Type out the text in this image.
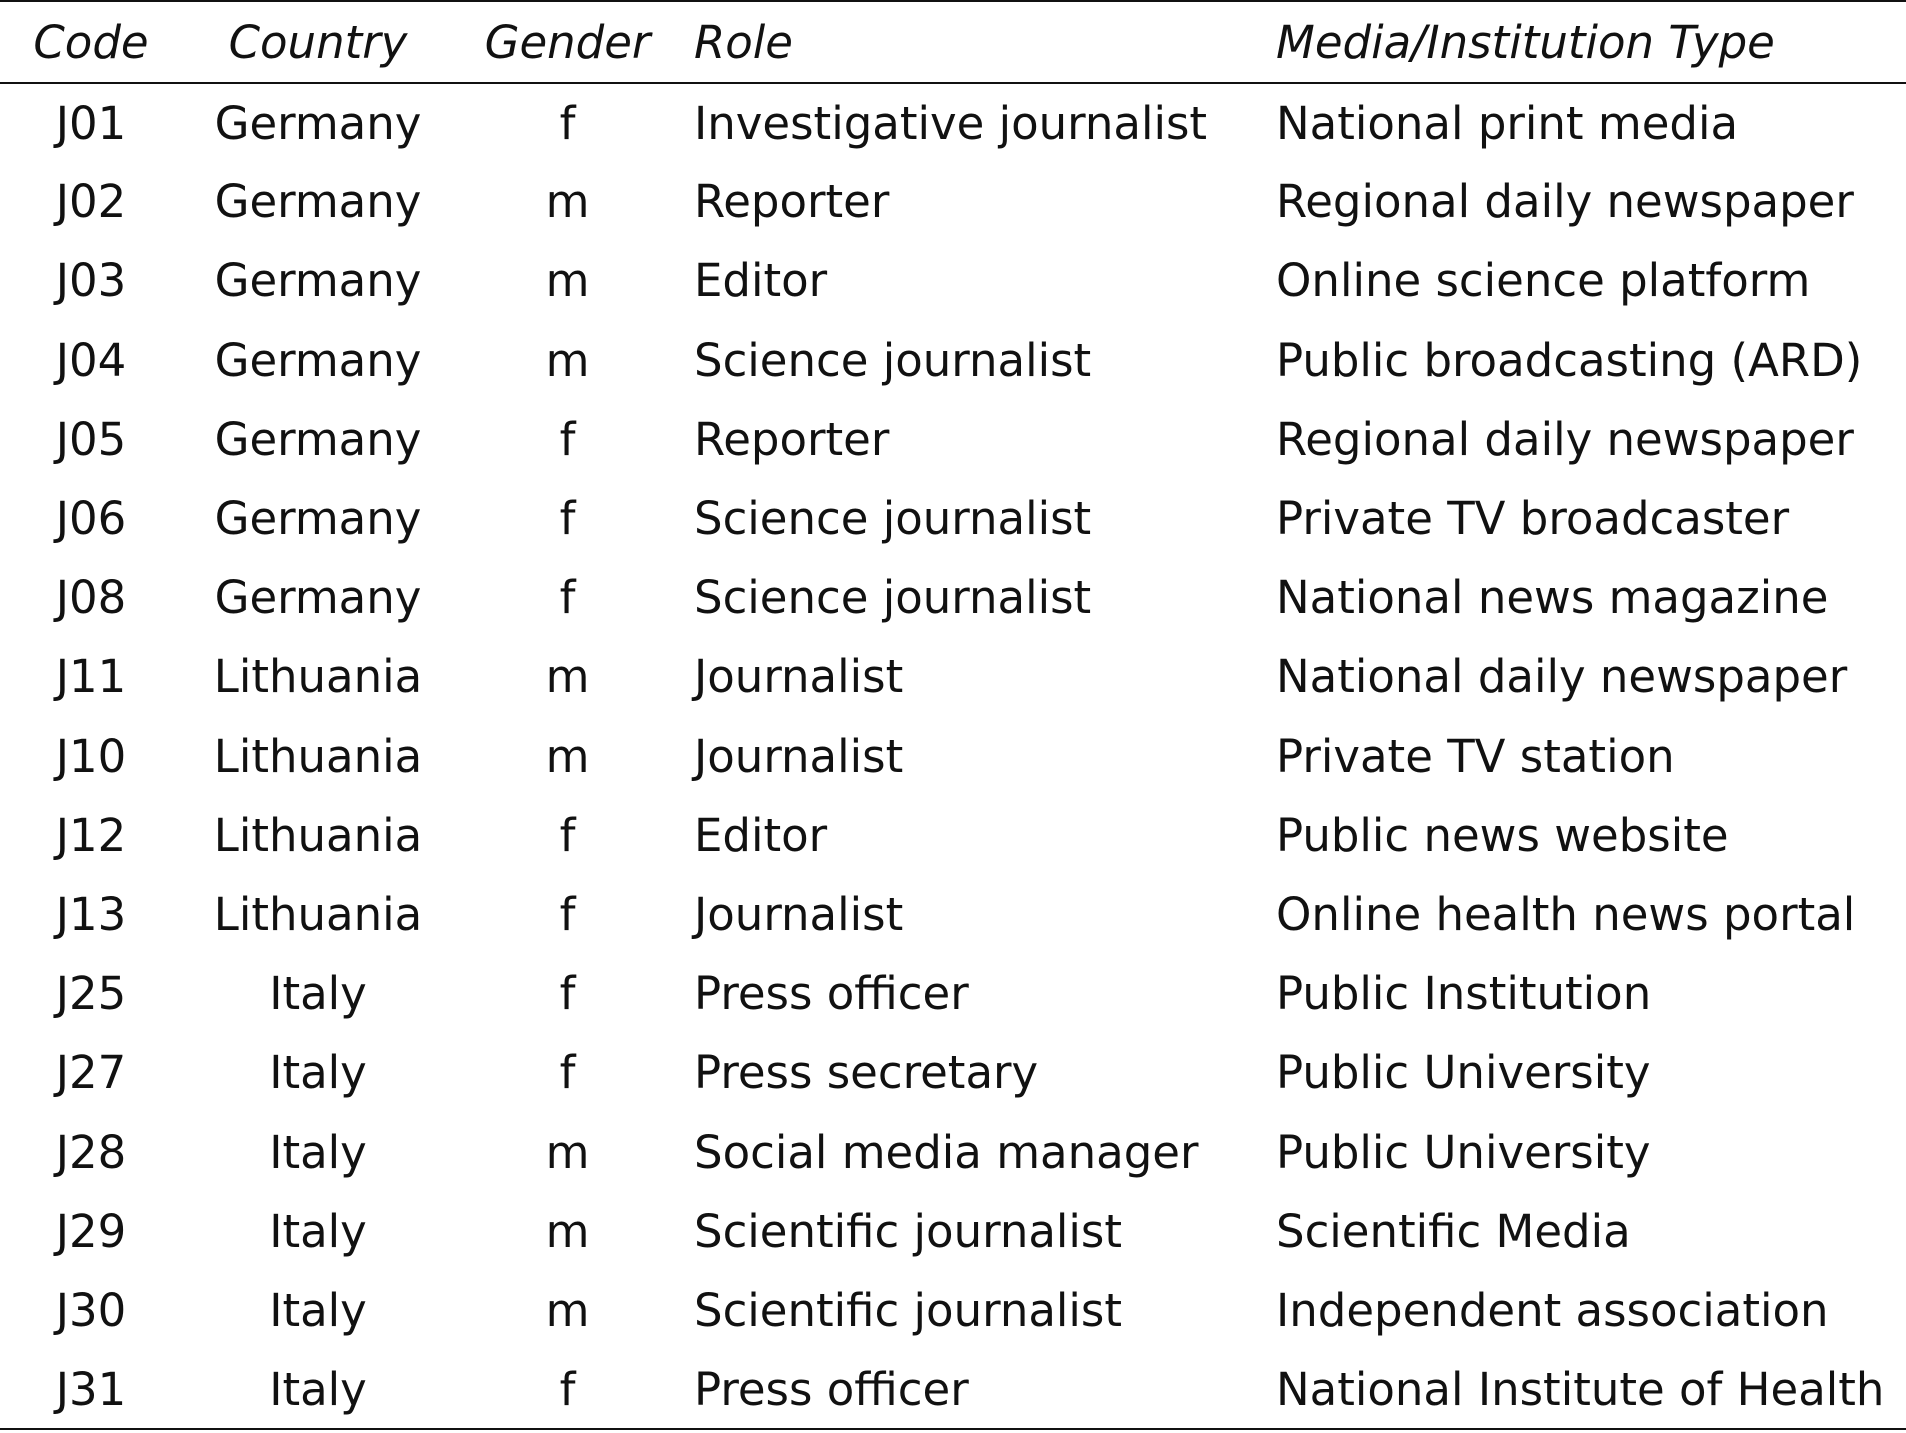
Code	Country	Gender	Role	Media/Institution Type
J01	Germany	f	Investigative journalist	National print media
J02	Germany	m	Reporter	Regional daily newspaper
J03	Germany	m	Editor	Online science platform
J04	Germany	m	Science journalist	Public broadcasting (ARD)
J05	Germany	f	Reporter	Regional daily newspaper
J06	Germany	f	Science journalist	Private TV broadcaster
J08	Germany	f	Science journalist	National news magazine
J11	Lithuania	m	Journalist	National daily newspaper
J10	Lithuania	m	Journalist	Private TV station
J12	Lithuania	f	Editor	Public news website
J13	Lithuania	f	Journalist	Online health news portal
J25	Italy	f	Press officer	Public Institution
J27	Italy	f	Press secretary	Public University
J28	Italy	m	Social media manager	Public University
J29	Italy	m	Scientific journalist	Scientific Media
J30	Italy	m	Scientific journalist	Independent association
J31	Italy	f	Press officer	National Institute of Health
